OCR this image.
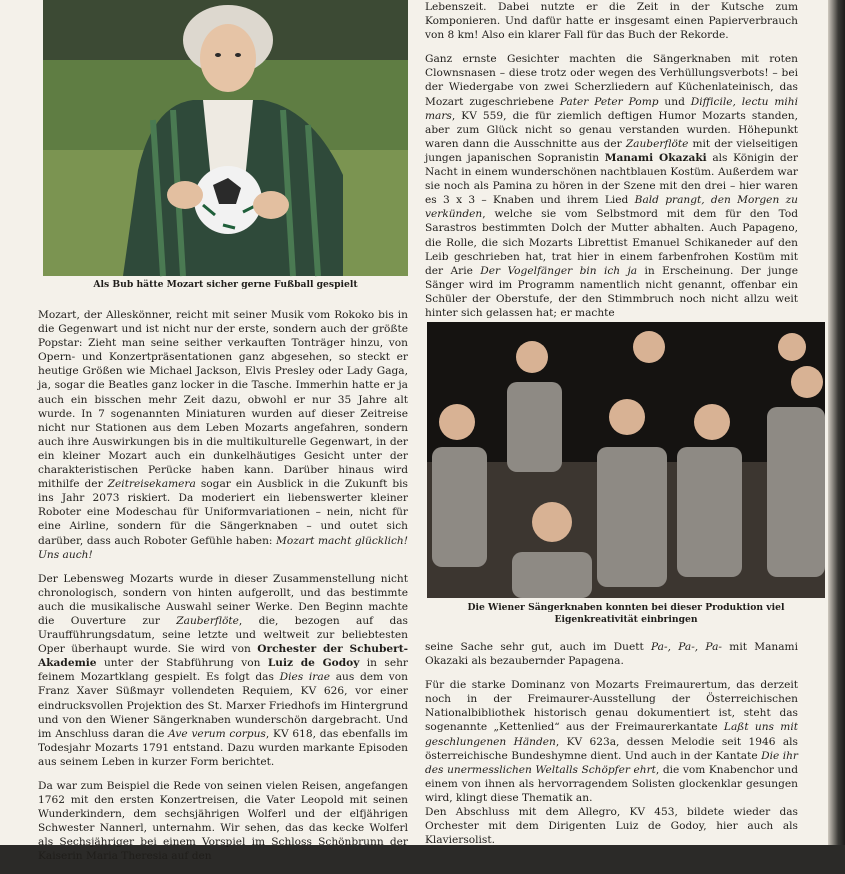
Als Bub hätte Mozart sicher gerne Fußball gespielt

Mozart, der Alleskönner, reicht mit seiner Musik vom Rokoko bis in die Gegenwart und ist nicht nur der erste, sondern auch der größte Popstar: Zieht man seine seither verkauften Tonträger hinzu, von Opern- und Konzertpräsentationen ganz abgesehen, so steckt er heutige Größen wie Michael Jackson, Elvis Presley oder Lady Gaga, ja, sogar die Beatles ganz locker in die Tasche. Immerhin hatte er ja auch ein bisschen mehr Zeit dazu, obwohl er nur 35 Jahre alt wurde. In 7 sogenannten Miniaturen wurden auf dieser Zeitreise nicht nur Stationen aus dem Leben Mozarts angefahren, sondern auch ihre Auswirkungen bis in die multikulturelle Gegenwart, in der ein kleiner Mozart auch ein dunkelhäutiges Gesicht unter der charakteristischen Perücke haben kann. Darüber hinaus wird mithilfe der Zeitreisekamera sogar ein Ausblick in die Zukunft bis ins Jahr 2073 riskiert. Da moderiert ein liebenswerter kleiner Roboter eine Modeschau für Uniformvariationen – nein, nicht für eine Airline, sondern für die Sängerknaben – und outet sich darüber, dass auch Roboter Gefühle haben: Mozart macht glücklich! Uns auch!

Der Lebensweg Mozarts wurde in dieser Zusammenstellung nicht chronologisch, sondern von hinten aufgerollt, und das bestimmte auch die musikalische Auswahl seiner Werke. Den Beginn machte die Ouverture zur Zauberflöte, die, bezogen auf das Uraufführungsdatum, seine letzte und weltweit zur beliebtesten Oper überhaupt wurde. Sie wird von Orchester der Schubert-Akademie unter der Stabführung von Luiz de Godoy in sehr feinem Mozartklang gespielt. Es folgt das Dies irae aus dem von Franz Xaver Süßmayr vollendeten Requiem, KV 626, vor einer eindrucksvollen Projektion des St. Marxer Friedhofs im Hintergrund und von den Wiener Sängerknaben wunderschön dargebracht. Und im Anschluss daran die Ave verum corpus, KV 618, das ebenfalls im Todesjahr Mozarts 1791 entstand. Dazu wurden markante Episoden aus seinem Leben in kurzer Form berichtet.

Da war zum Beispiel die Rede von seinen vielen Reisen, angefangen 1762 mit den ersten Konzertreisen, die Vater Leopold mit seinen Wunderkindern, dem sechsjährigen Wolferl und der elfjährigen Schwester Nannerl, unternahm. Wir sehen, das das kecke Wolferl als Sechsjähriger bei einem Vorspiel im Schloss Schönbrunn der Kaiserin Maria Theresia auf den

Lebenszeit. Dabei nutzte er die Zeit in der Kutsche zum Komponieren. Und dafür hatte er insgesamt einen Papierverbrauch von 8 km! Also ein klarer Fall für das Buch der Rekorde.

Ganz ernste Gesichter machten die Sängerknaben mit roten Clownsnasen – diese trotz oder wegen des Verhüllungsverbots! – bei der Wiedergabe von zwei Scherzliedern auf Küchenlateinisch, das Mozart zugeschriebene Pater Peter Pomp und Difficile, lectu mihi mars, KV 559, die für ziemlich deftigen Humor Mozarts standen, aber zum Glück nicht so genau verstanden wurden. Höhepunkt waren dann die Ausschnitte aus der Zauberflöte mit der vielseitigen jungen japanischen Sopranistin Manami Okazaki als Königin der Nacht in einem wunderschönen nachtblauen Kostüm. Außerdem war sie noch als Pamina zu hören in der Szene mit den drei – hier waren es 3 x 3 – Knaben und ihrem Lied Bald prangt, den Morgen zu verkünden, welche sie vom Selbstmord mit dem für den Tod Sarastros bestimmten Dolch der Mutter abhalten. Auch Papageno, die Rolle, die sich Mozarts Librettist Emanuel Schikaneder auf den Leib geschrieben hat, trat hier in einem farbenfrohen Kostüm mit der Arie Der Vogelfänger bin ich ja in Erscheinung. Der junge Sänger wird im Programm namentlich nicht genannt, offenbar ein Schüler der Oberstufe, der den Stimmbruch noch nicht allzu weit hinter sich gelassen hat; er machte

Die Wiener Sängerknaben konnten bei dieser Produktion viel
Eigenkreativität einbringen

seine Sache sehr gut, auch im Duett Pa-, Pa-, Pa- mit Manami Okazaki als bezaubernder Papagena.

Für die starke Dominanz von Mozarts Freimaurertum, das derzeit noch in der Freimaurer-Ausstellung der Österreichischen Nationalbibliothek historisch genau dokumentiert ist, steht das sogenannte „Kettenlied“ aus der Freimaurerkantate Laßt uns mit geschlungenen Händen, KV 623a, dessen Melodie seit 1946 als österreichische Bundeshymne dient. Und auch in der Kantate Die ihr des unermesslichen Weltalls Schöpfer ehrt, die vom Knabenchor und einem von ihnen als hervorragendem Solisten glockenklar gesungen wird, klingt diese Thematik an.

Den Abschluss mit dem Allegro, KV 453, bildete wieder das Orchester mit dem Dirigenten Luiz de Godoy, hier auch als Klaviersolist.
